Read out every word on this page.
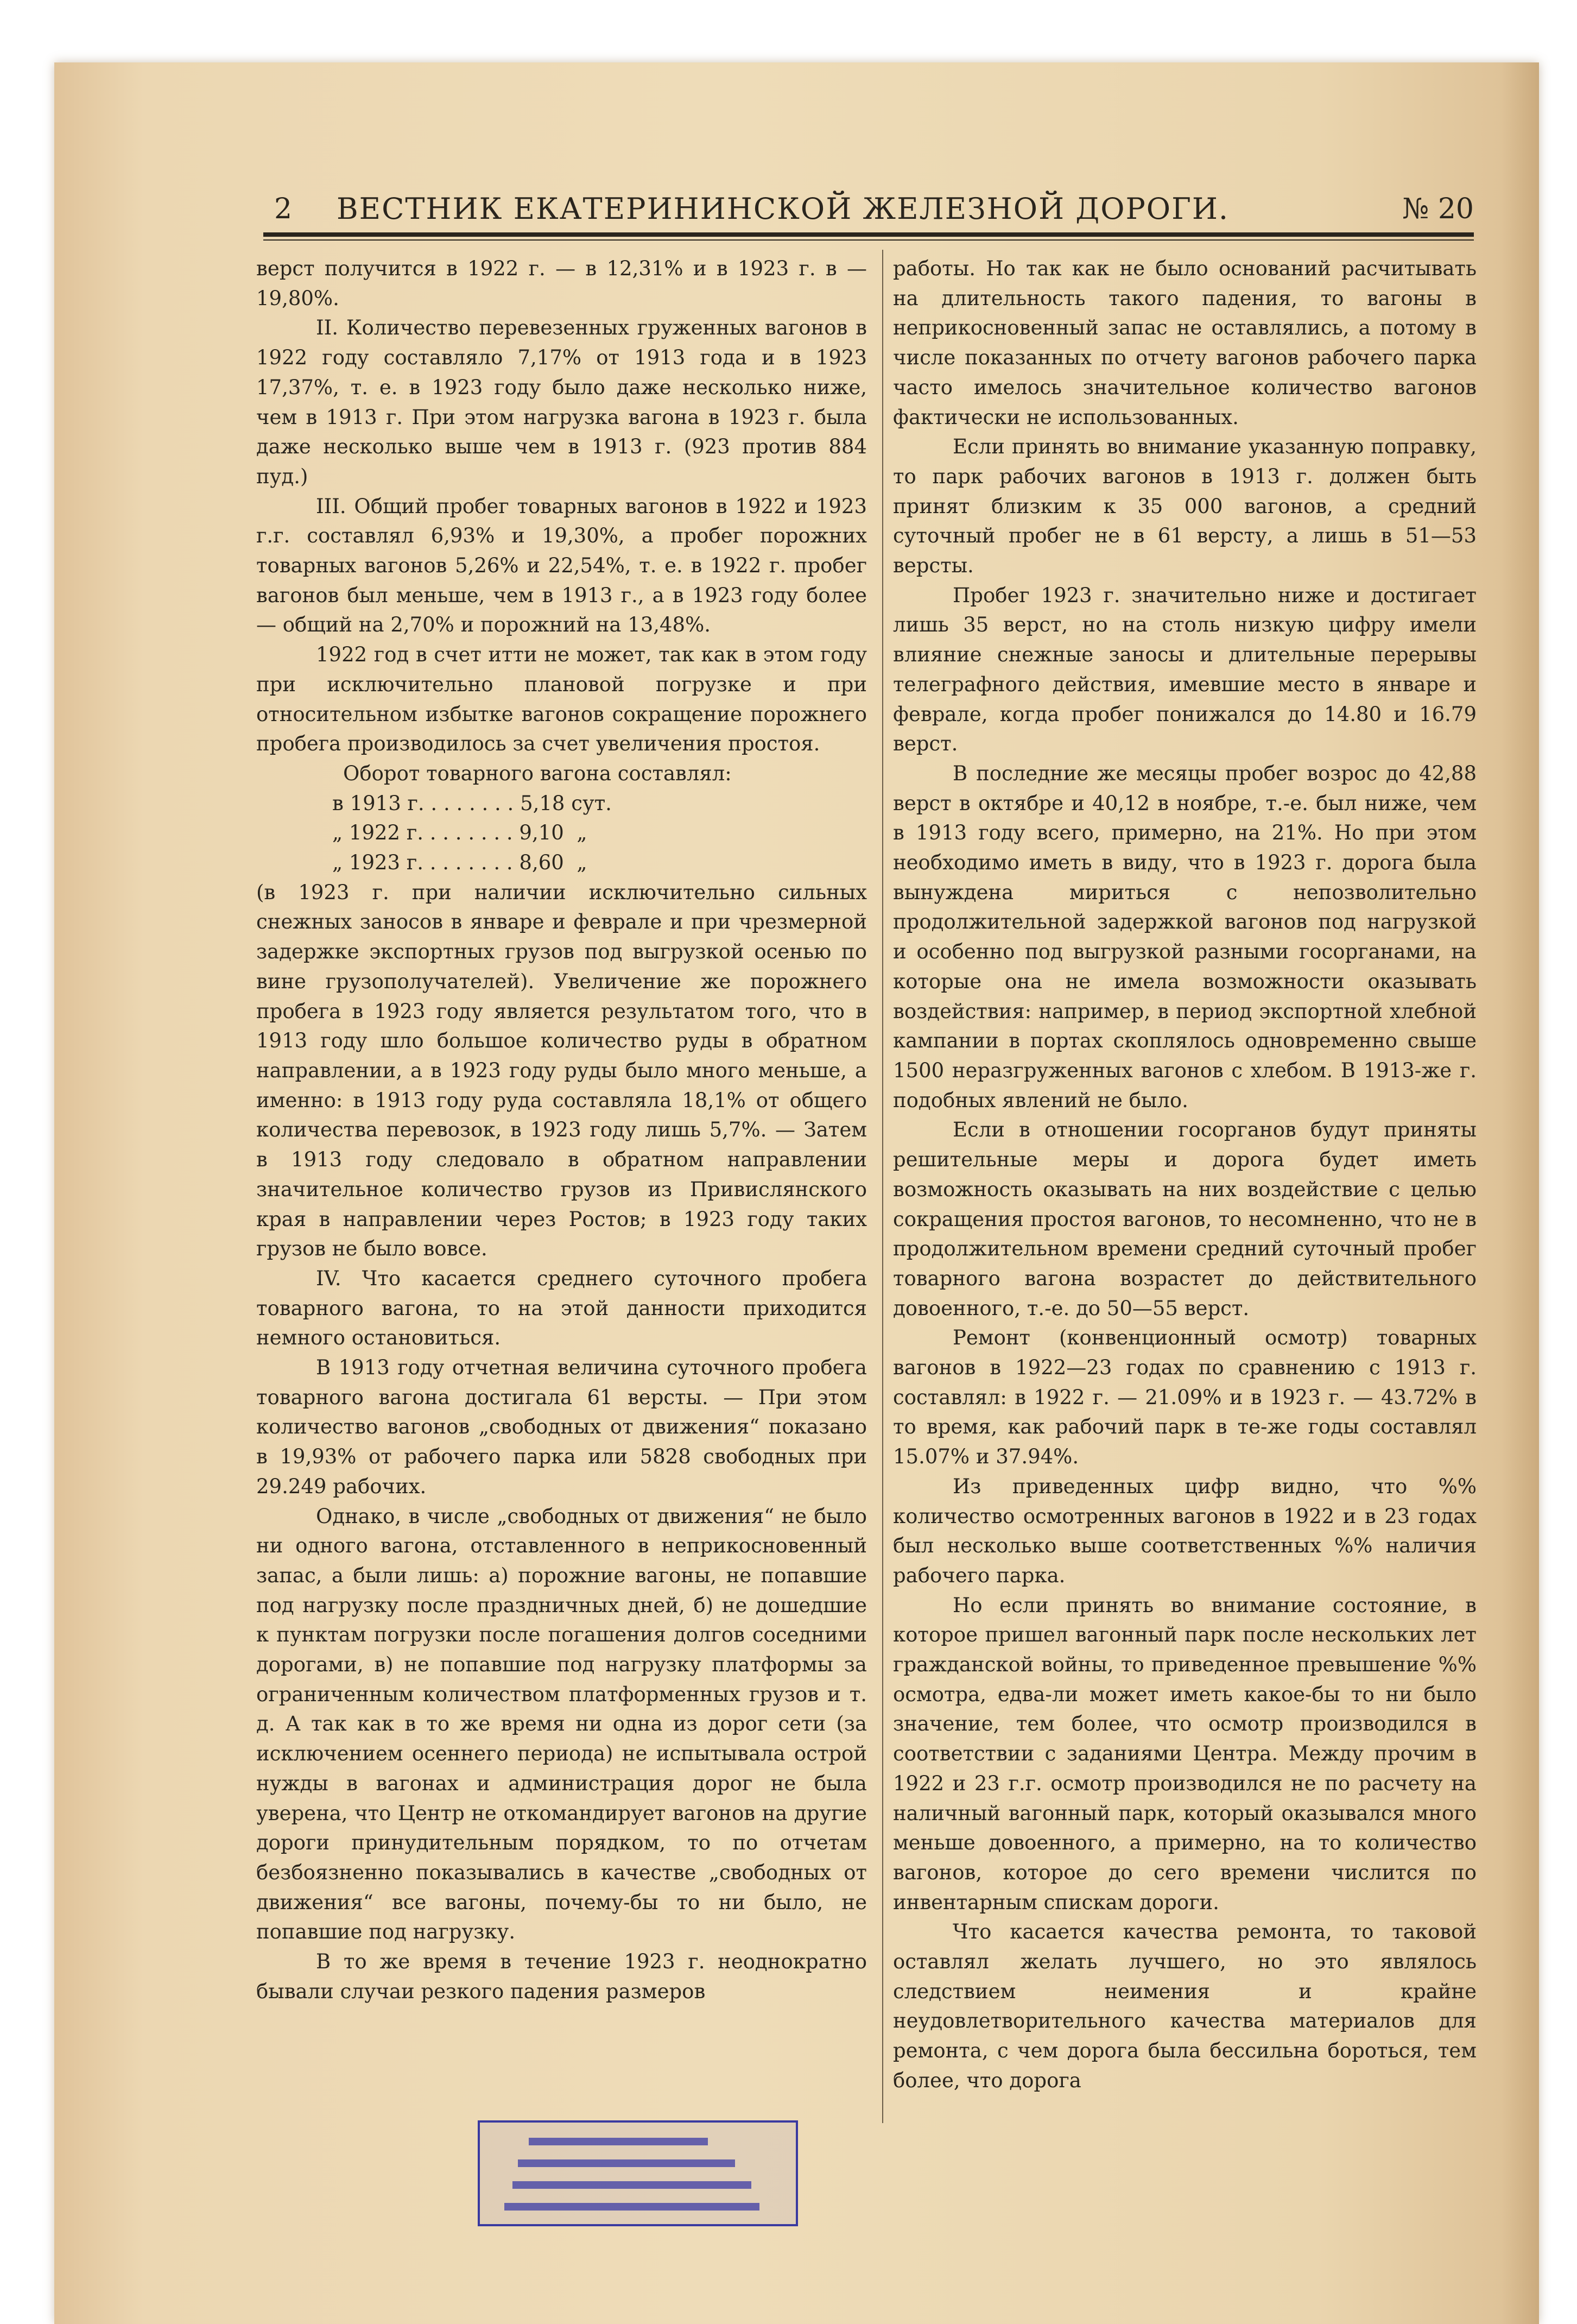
2 ВЕСТНИК ЕКАТЕРИНИНСКОЙ ЖЕЛЕЗНОЙ ДОРОГИ.	№ 20

верст получится в 1922 г. — в 12,31% и в 1923 г. в — 19,80%.

II. Количество перевезенных груженных вагонов в 1922 году составляло 7,17% от 1913 года и в 1923 17,37%, т. е. в 1923 году было даже несколько ниже, чем в 1913 г. При этом нагрузка вагона в 1923 г. была даже несколько выше чем в 1913 г. (923 против 884 пуд.)

III. Общий пробег товарных вагонов в 1922 и 1923 г.г. составлял 6,93% и 19,30%, а пробег порожних товарных вагонов 5,26% и 22,54%, т. е. в 1922 г. пробег вагонов был меньше, чем в 1913 г., а в 1923 году более — общий на 2,70% и порожний на 13,48%.

1922 год в счет итти не может, так как в этом году при исключительно плановой погрузке и при относительном избытке вагонов сокращение порожнего пробега производилось за счет увеличения простоя.

Оборот товарного вагона составлял:

в 1913 г. . . . . . . . 5,18 сут.

„ 1922 г. . . . . . . . 9,10  „

„ 1923 г. . . . . . . . 8,60  „

(в 1923 г. при наличии исключительно сильных снежных заносов в январе и феврале и при чрезмерной задержке экспортных грузов под выгрузкой осенью по вине грузополучателей). Увеличение же порожнего пробега в 1923 году является результатом того, что в 1913 году шло большое количество руды в обратном направлении, а в 1923 году руды было много меньше, а именно: в 1913 году руда составляла 18,1% от общего количества перевозок, в 1923 году лишь 5,7%. — Затем в 1913 году следовало в обратном направлении значительное количество грузов из Привислянского края в направлении через Ростов; в 1923 году таких грузов не было вовсе.

IV. Что касается среднего суточного пробега товарного вагона, то на этой данности приходится немного остановиться.

В 1913 году отчетная величина суточного пробега товарного вагона достигала 61 версты. — При этом количество вагонов „свободных от движения“ показано в 19,93% от рабочего парка или 5828 свободных при 29.249 рабочих.

Однако, в числе „свободных от движения“ не было ни одного вагона, отставленного в неприкосновенный запас, а были лишь: а) порожние вагоны, не попавшие под нагрузку после праздничных дней, б) не дошедшие к пунктам погрузки после погашения долгов соседними дорогами, в) не попавшие под нагрузку платформы за ограниченным количеством платформенных грузов и т. д. А так как в то же время ни одна из дорог сети (за исключением осеннего периода) не испытывала острой нужды в вагонах и администрация дорог не была уверена, что Центр не откомандирует вагонов на другие дороги принудительным порядком, то по отчетам безбоязненно показывались в качестве „свободных от движения“ все вагоны, почему-бы то ни было, не попавшие под нагрузку.

В то же время в течение 1923 г. неоднократно бывали случаи резкого падения размеров

работы. Но так как не было оснований расчитывать на длительность такого падения, то вагоны в неприкосновенный запас не оставлялись, а потому в числе показанных по отчету вагонов рабочего парка часто имелось значительное количество вагонов фактически не использованных.

Если принять во внимание указанную поправку, то парк рабочих вагонов в 1913 г. должен быть принят близким к 35 000 вагонов, а средний суточный пробег не в 61 версту, а лишь в 51—53 версты.

Пробег 1923 г. значительно ниже и достигает лишь 35 верст, но на столь низкую цифру имели влияние снежные заносы и длительные перерывы телеграфного действия, имевшие место в январе и феврале, когда пробег понижался до 14.80 и 16.79 верст.

В последние же месяцы пробег возрос до 42,88 верст в октябре и 40,12 в ноябре, т.-е. был ниже, чем в 1913 году всего, примерно, на 21%. Но при этом необходимо иметь в виду, что в 1923 г. дорога была вынуждена мириться с непозволительно продолжительной задержкой вагонов под нагрузкой и особенно под выгрузкой разными госорганами, на которые она не имела возможности оказывать воздействия: например, в период экспортной хлебной кампании в портах скоплялось одновременно свыше 1500 неразгруженных вагонов с хлебом. В 1913-же г. подобных явлений не было.

Если в отношении госорганов будут приняты решительные меры и дорога будет иметь возможность оказывать на них воздействие с целью сокращения простоя вагонов, то несомненно, что не в продолжительном времени средний суточный пробег товарного вагона возрастет до действительного довоенного, т.-е. до 50—55 верст.

Ремонт (конвенционный осмотр) товарных вагонов в 1922—23 годах по сравнению с 1913 г. составлял: в 1922 г. — 21.09% и в 1923 г. — 43.72% в то время, как рабочий парк в те-же годы составлял 15.07% и 37.94%.

Из приведенных цифр видно, что %% количество осмотренных вагонов в 1922 и в 23 годах был несколько выше соответственных %% наличия рабочего парка.

Но если принять во внимание состояние, в которое пришел вагонный парк после нескольких лет гражданской войны, то приведенное превышение %% осмотра, едва-ли может иметь какое-бы то ни было значение, тем более, что осмотр производился в соответствии с заданиями Центра. Между прочим в 1922 и 23 г.г. осмотр производился не по расчету на наличный вагонный парк, который оказывался много меньше довоенного, а примерно, на то количество вагонов, которое до сего времени числится по инвентарным спискам дороги.

Что касается качества ремонта, то таковой оставлял желать лучшего, но это являлось следствием неимения и крайне неудовлетворительного качества материалов для ремонта, с чем дорога была бессильна бороться, тем более, что дорога
